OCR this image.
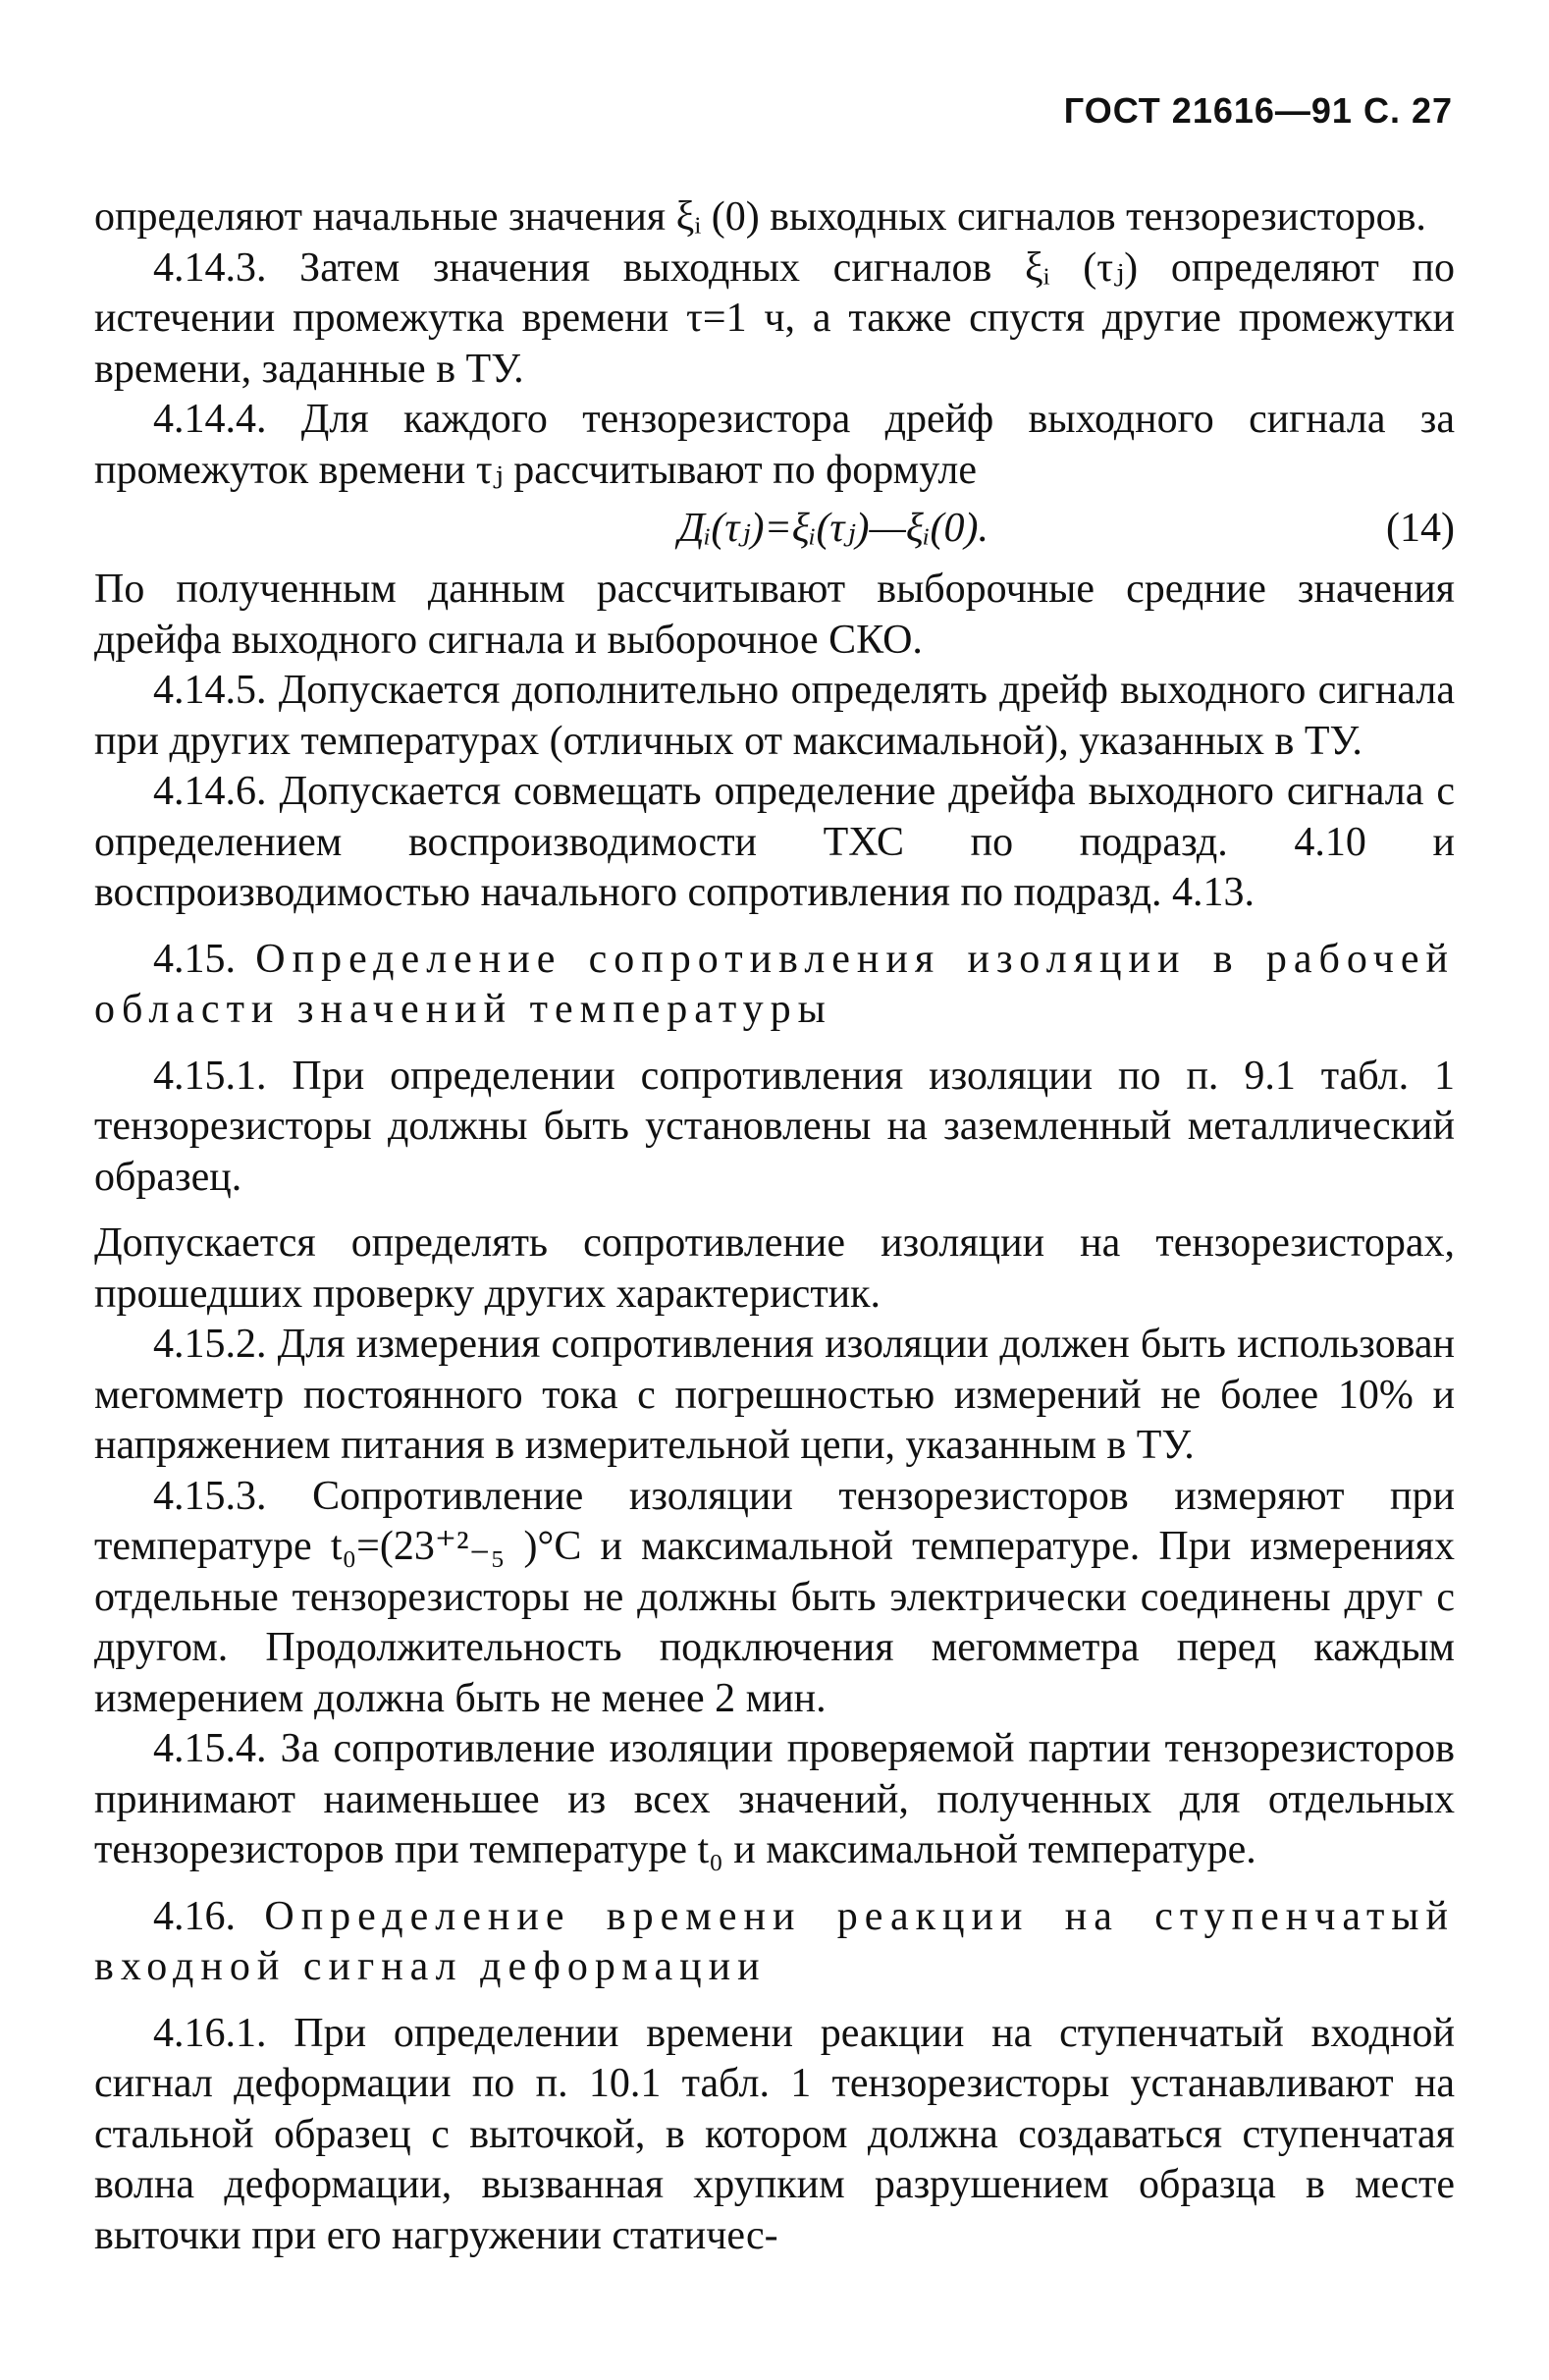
ГОСТ 21616—91 С. 27

определяют начальные значения ξᵢ (0) выходных сигналов тензорезисторов.

4.14.3. Затем значения выходных сигналов ξᵢ (τⱼ) определяют по истечении промежутка времени τ=1 ч, а также спустя другие промежутки времени, заданные в ТУ.

4.14.4. Для каждого тензорезистора дрейф выходного сигнала за промежуток времени τⱼ рассчитывают по формуле

Дᵢ(τⱼ)=ξᵢ(τⱼ)—ξᵢ(0).	(14)

По полученным данным рассчитывают выборочные средние значения дрейфа выходного сигнала и выборочное СКО.

4.14.5. Допускается дополнительно определять дрейф выходного сигнала при других температурах (отличных от максимальной), указанных в ТУ.

4.14.6. Допускается совмещать определение дрейфа выходного сигнала с определением воспроизводимости ТХС по подразд. 4.10 и воспроизводимостью начального сопротивления по подразд. 4.13.

4.15. Определение сопротивления изоляции в рабочей области значений температуры

4.15.1. При определении сопротивления изоляции по п. 9.1 табл. 1 тензорезисторы должны быть установлены на заземленный металлический образец.

Допускается определять сопротивление изоляции на тензорезисторах, прошедших проверку других характеристик.

4.15.2. Для измерения сопротивления изоляции должен быть использован мегомметр постоянного тока с погрешностью измерений не более 10% и напряжением питания в измерительной цепи, указанным в ТУ.

4.15.3. Сопротивление изоляции тензорезисторов измеряют при температуре t₀=(23⁺²₋₅ )°С и максимальной температуре. При измерениях отдельные тензорезисторы не должны быть электрически соединены друг с другом. Продолжительность подключения мегомметра перед каждым измерением должна быть не менее 2 мин.

4.15.4. За сопротивление изоляции проверяемой партии тензорезисторов принимают наименьшее из всех значений, полученных для отдельных тензорезисторов при температуре t₀ и максимальной температуре.

4.16. Определение времени реакции на ступенчатый входной сигнал деформации

4.16.1. При определении времени реакции на ступенчатый входной сигнал деформации по п. 10.1 табл. 1 тензорезисторы устанавливают на стальной образец с выточкой, в котором должна создаваться ступенчатая волна деформации, вызванная хрупким разрушением образца в месте выточки при его нагружении статичес-
